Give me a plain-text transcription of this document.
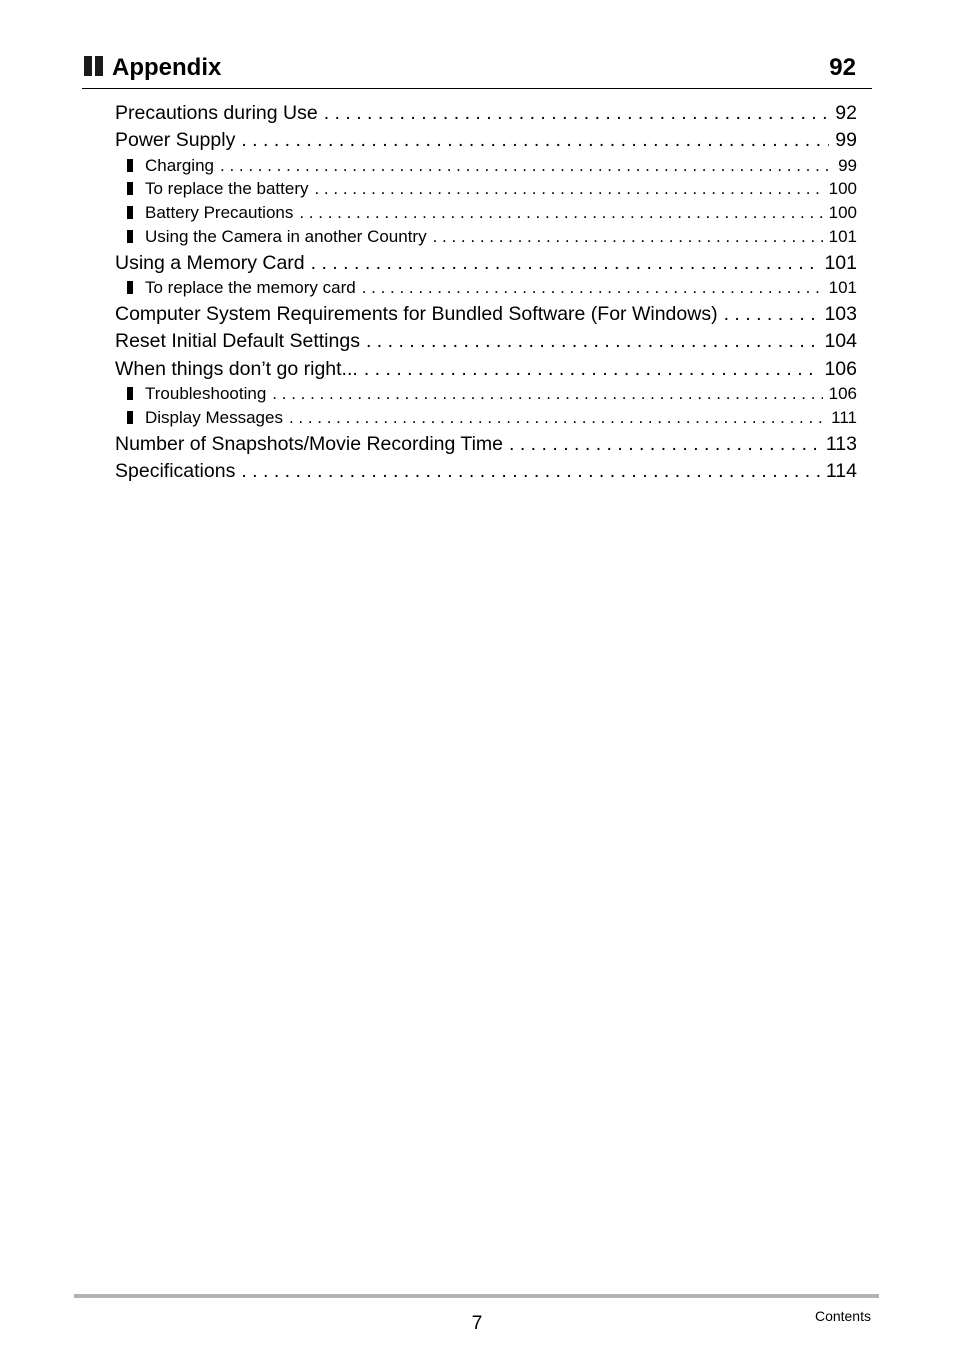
Appendix	92
Precautions during Use . . .	92
Power Supply . . .	99
Charging . . .	99
To replace the battery . . .	100
Battery Precautions . . .	100
Using the Camera in another Country . . .	101
Using a Memory Card . . .	101
To replace the memory card . . .	101
Computer System Requirements for Bundled Software (For Windows) . . .	103
Reset Initial Default Settings . . .	104
When things don’t go right... . . .	106
Troubleshooting . . .	106
Display Messages . . .	111
Number of Snapshots/Movie Recording Time . . .	113
Specifications . . .	114
7	Contents
